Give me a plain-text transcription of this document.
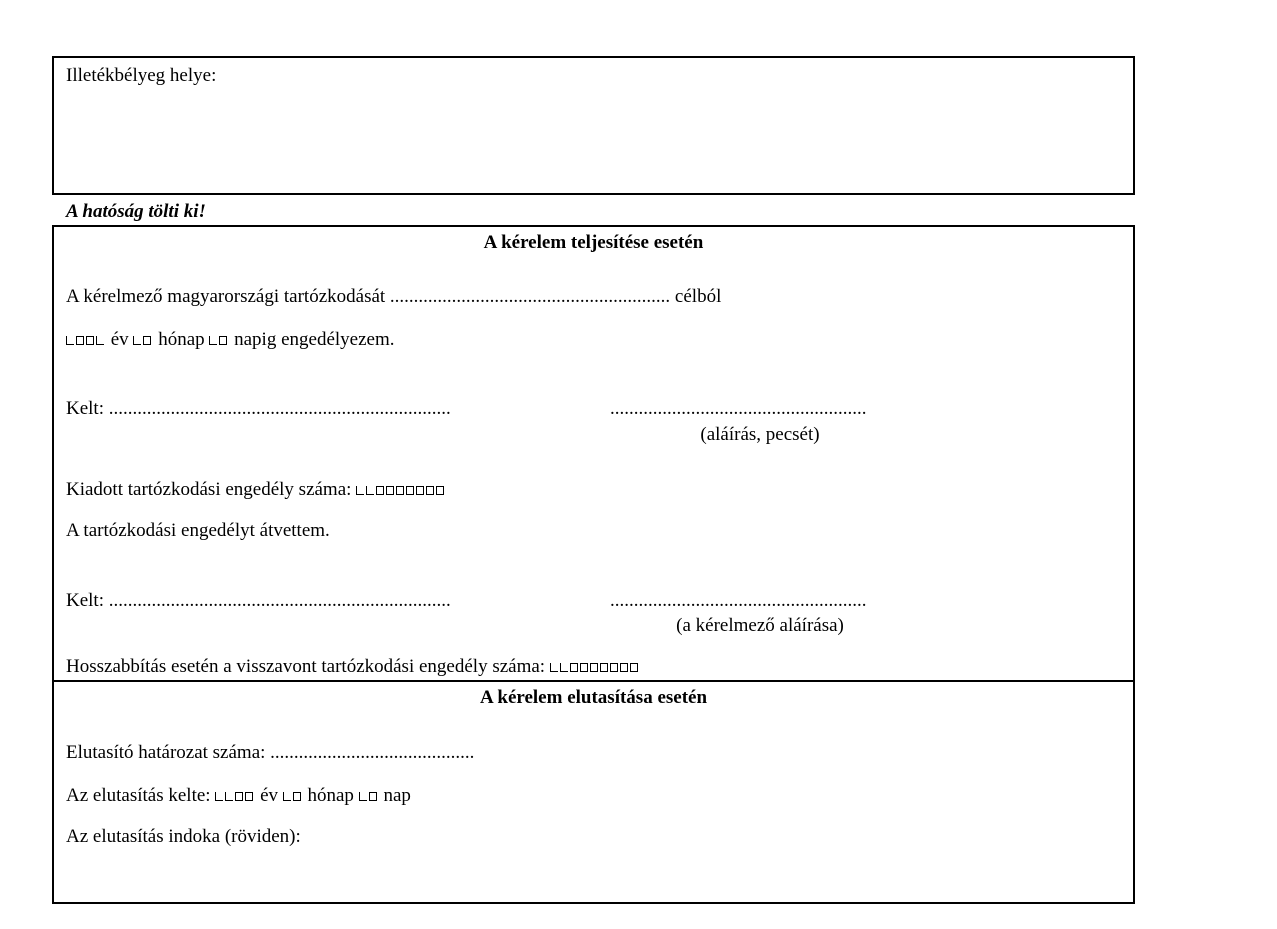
Illetékbélyeg helye:
A hatóság tölti ki!
A kérelem teljesítése esetén
A kérelmező magyarországi tartózkodását ........................................................... célból
év hónap napig engedélyezem.
Kelt: ........................................................................	......................................................
(aláírás, pecsét)
Kiadott tartózkodási engedély száma:
A tartózkodási engedélyt átvettem.
Kelt: ........................................................................	......................................................
(a kérelmező aláírása)
Hosszabbítás esetén a visszavont tartózkodási engedély száma:
A kérelem elutasítása esetén
Elutasító határozat száma: ...........................................
Az elutasítás kelte:	év hónap nap
Az elutasítás indoka (röviden):
